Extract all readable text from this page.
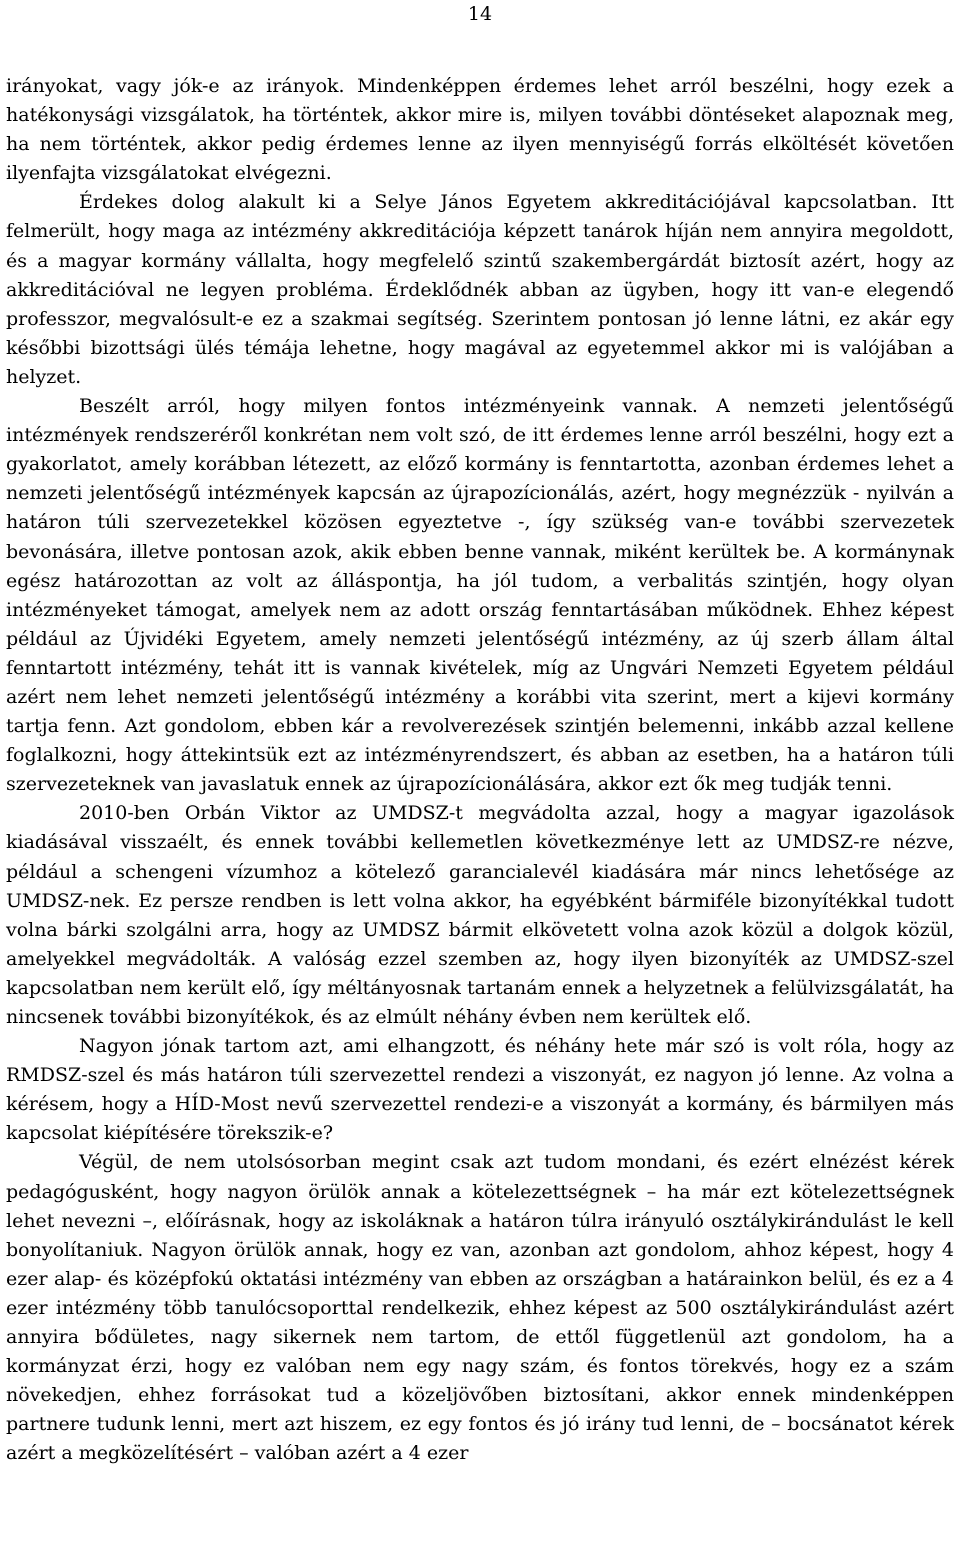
14

irányokat, vagy jók-e az irányok. Mindenképpen érdemes lehet arról beszélni, hogy ezek a hatékonysági vizsgálatok, ha történtek, akkor mire is, milyen további döntéseket alapoznak meg, ha nem történtek, akkor pedig érdemes lenne az ilyen mennyiségű forrás elköltését követően ilyenfajta vizsgálatokat elvégezni.

Érdekes dolog alakult ki a Selye János Egyetem akkreditációjával kapcsolatban. Itt felmerült, hogy maga az intézmény akkreditációja képzett tanárok híján nem annyira megoldott, és a magyar kormány vállalta, hogy megfelelő szintű szakembergárdát biztosít azért, hogy az akkreditációval ne legyen probléma. Érdeklődnék abban az ügyben, hogy itt van-e elegendő professzor, megvalósult-e ez a szakmai segítség. Szerintem pontosan jó lenne látni, ez akár egy későbbi bizottsági ülés témája lehetne, hogy magával az egyetemmel akkor mi is valójában a helyzet.

Beszélt arról, hogy milyen fontos intézményeink vannak. A nemzeti jelentőségű intézmények rendszeréről konkrétan nem volt szó, de itt érdemes lenne arról beszélni, hogy ezt a gyakorlatot, amely korábban létezett, az előző kormány is fenntartotta, azonban érdemes lehet a nemzeti jelentőségű intézmények kapcsán az újrapozícionálás, azért, hogy megnézzük - nyilván a határon túli szervezetekkel közösen egyeztetve -, így szükség van-e további szervezetek bevonására, illetve pontosan azok, akik ebben benne vannak, miként kerültek be. A kormánynak egész határozottan az volt az álláspontja, ha jól tudom, a verbalitás szintjén, hogy olyan intézményeket támogat, amelyek nem az adott ország fenntartásában működnek. Ehhez képest például az Újvidéki Egyetem, amely nemzeti jelentőségű intézmény, az új szerb állam által fenntartott intézmény, tehát itt is vannak kivételek, míg az Ungvári Nemzeti Egyetem például azért nem lehet nemzeti jelentőségű intézmény a korábbi vita szerint, mert a kijevi kormány tartja fenn. Azt gondolom, ebben kár a revolverezések szintjén belemenni, inkább azzal kellene foglalkozni, hogy áttekintsük ezt az intézményrendszert, és abban az esetben, ha a határon túli szervezeteknek van javaslatuk ennek az újrapozícionálására, akkor ezt ők meg tudják tenni.

2010-ben Orbán Viktor az UMDSZ-t megvádolta azzal, hogy a magyar igazolások kiadásával visszaélt, és ennek további kellemetlen következménye lett az UMDSZ-re nézve, például a schengeni vízumhoz a kötelező garancialevél kiadására már nincs lehetősége az UMDSZ-nek. Ez persze rendben is lett volna akkor, ha egyébként bármiféle bizonyítékkal tudott volna bárki szolgálni arra, hogy az UMDSZ bármit elkövetett volna azok közül a dolgok közül, amelyekkel megvádolták. A valóság ezzel szemben az, hogy ilyen bizonyíték az UMDSZ-szel kapcsolatban nem került elő, így méltányosnak tartanám ennek a helyzetnek a felülvizsgálatát, ha nincsenek további bizonyítékok, és az elmúlt néhány évben nem kerültek elő.

Nagyon jónak tartom azt, ami elhangzott, és néhány hete már szó is volt róla, hogy az RMDSZ-szel és más határon túli szervezettel rendezi a viszonyát, ez nagyon jó lenne. Az volna a kérésem, hogy a HÍD-Most nevű szervezettel rendezi-e a viszonyát a kormány, és bármilyen más kapcsolat kiépítésére törekszik-e?

Végül, de nem utolsósorban megint csak azt tudom mondani, és ezért elnézést kérek pedagógusként, hogy nagyon örülök annak a kötelezettségnek – ha már ezt kötelezettségnek lehet nevezni –, előírásnak, hogy az iskoláknak a határon túlra irányuló osztálykirándulást le kell bonyolítaniuk. Nagyon örülök annak, hogy ez van, azonban azt gondolom, ahhoz képest, hogy 4 ezer alap- és középfokú oktatási intézmény van ebben az országban a határainkon belül, és ez a 4 ezer intézmény több tanulócsoporttal rendelkezik, ehhez képest az 500 osztálykirándulást azért annyira bődületes, nagy sikernek nem tartom, de ettől függetlenül azt gondolom, ha a kormányzat érzi, hogy ez valóban nem egy nagy szám, és fontos törekvés, hogy ez a szám növekedjen, ehhez forrásokat tud a közeljövőben biztosítani, akkor ennek mindenképpen partnere tudunk lenni, mert azt hiszem, ez egy fontos és jó irány tud lenni, de – bocsánatot kérek azért a megközelítésért – valóban azért a 4 ezer
